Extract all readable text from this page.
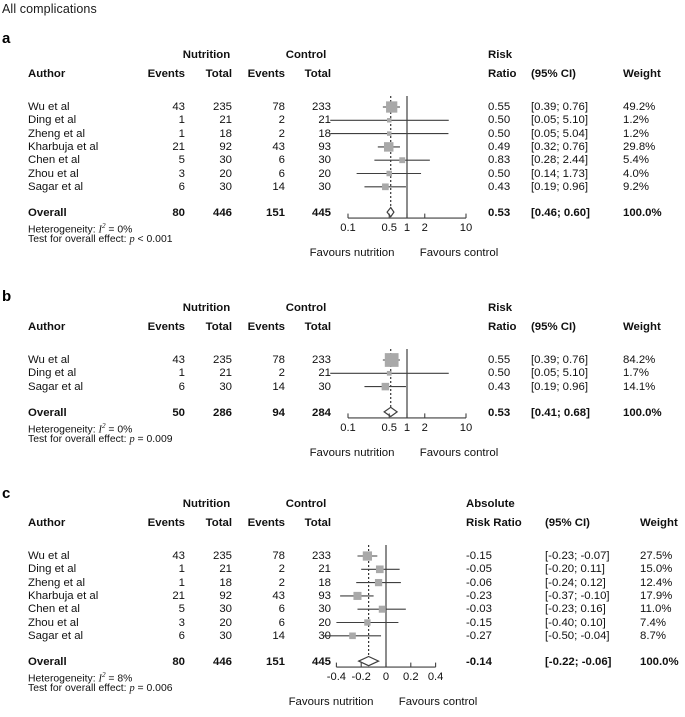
All complications
a
Nutrition	Control	Risk
Author	Events Total Events Total	Ratio (95% CI)	Weight
Wu et al	43 235	78 233	0.55 [0.39; 0.76]	49.2%
Ding et al	1	21	2	21	0.50 [0.05; 5.10]	1.2%
Zheng et al	1	18	2	18	0.50 [0.05; 5.04]	1.2%
Kharbuja et al	21	92	43	93	0.49 [0.32; 0.76]	29.8%
Chen et al	5	30	6	30	0.83 [0.28; 2.44]	5.4%
Zhou et al	3	20	6	20	0.50 [0.14; 1.73]	4.0%
Sagar et al	6	30	14	30	0.43 [0.19; 0.96]	9.2%
Overall	80 446	151 445	0.53 [0.46; 0.60]	100.0%
Heterogeneity: $I^2 = 0\%$
Test for overall effect: p < 0.001
0.1 0.5 1 2	10
Favours nutrition Favours control
b
Nutrition	Control	Risk
Author	Events Total Events Total	Ratio (95% CI)	Weight
Wu et al	43 235	78 233	0.55 [0.39; 0.76]	84.2%
Ding et al	1	21	2	21	0.50 [0.05; 5.10]	1.7%
Sagar et al	6	30	14	30	0.43 [0.19; 0.96]	14.1%
Overall	50 286	94 284	0.53 [0.41; 0.68]	100.0%
Heterogeneity: $I^2 = 0\%$
Test for overall effect: p = 0.009
0.1 0.5 1 2	10
Favours nutrition Favours control
c
Nutrition	Control	Absolute
Author	Events Total Events Total	Risk Ratio (95% CI)	Weight
Wu et al	43 235	78 233	-0.15	[-0.23; -0.07]	27.5%
Ding et al	1	21	2	21	-0.05	[-0.20; 0.11]	15.0%
Zheng et al	1	18	2	18	-0.06	[-0.24; 0.12]	12.4%
Kharbuja et al	21	92	43	93	-0.23	[-0.37; -0.10]	17.9%
Chen et al	5	30	6	30	-0.03	[-0.23; 0.16]	11.0%
Zhou et al	3	20	6	20	-0.15	[-0.40; 0.10]	7.4%
Sagar et al	6	30	14	30	-0.27	[-0.50; -0.04]	8.7%
Overall	80 446	151 445	-0.14	[-0.22; -0.06]	100.0%
Heterogeneity: $I^2 = 8\%$
Test for overall effect: p = 0.006
-0.4 -0.2 0 0.2 0.4
Favours nutrition Favours control
